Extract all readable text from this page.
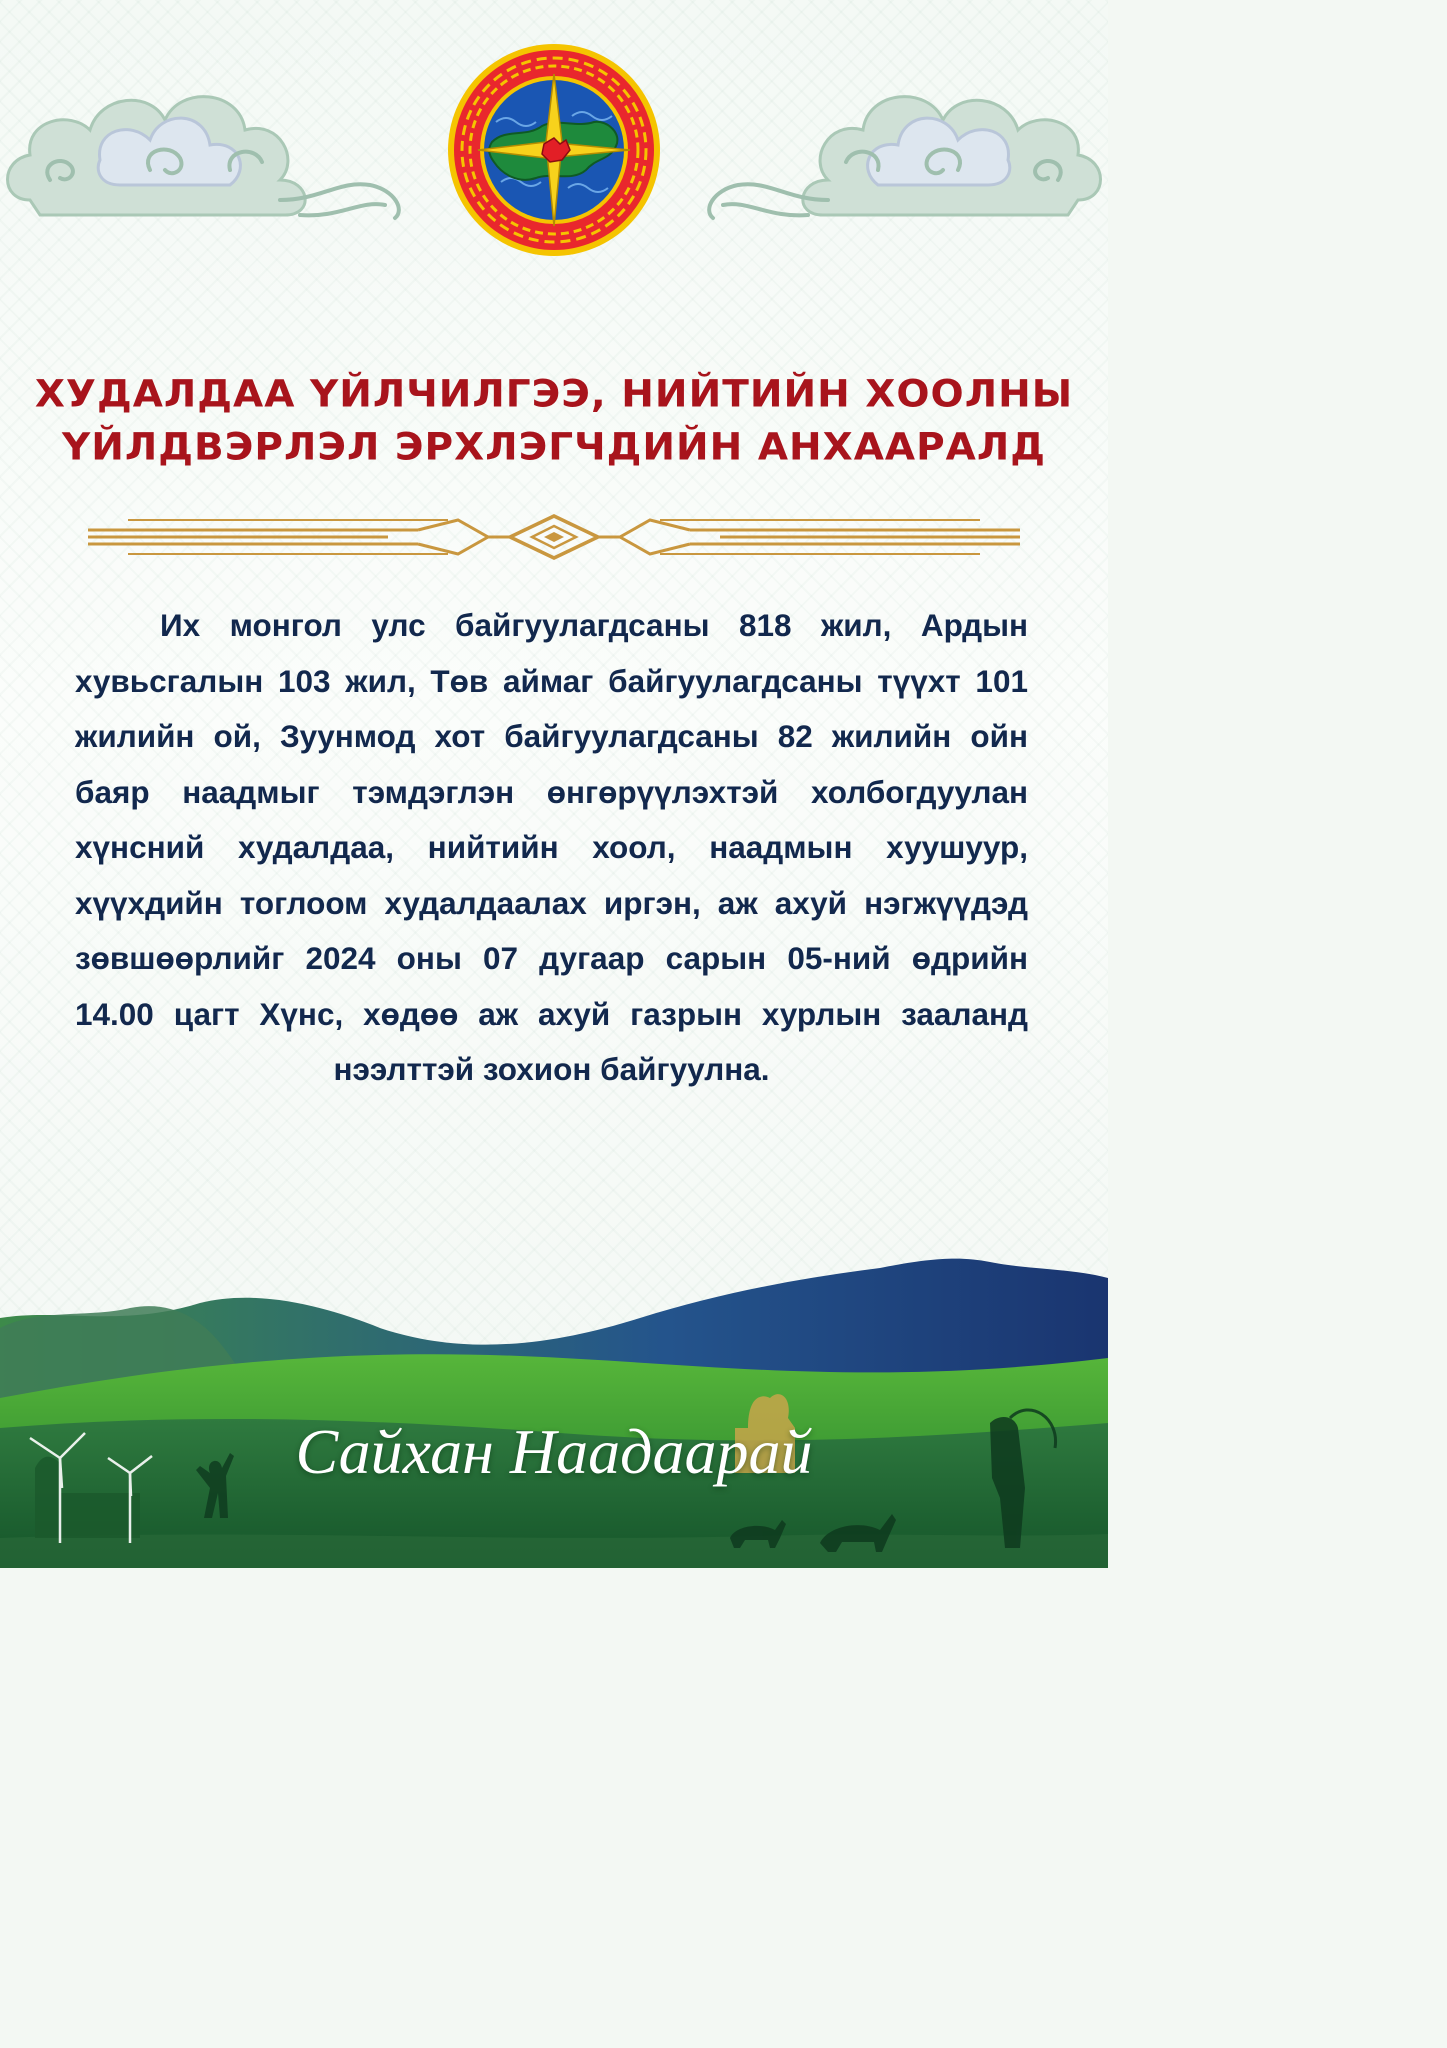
ХУДАЛДАА ҮЙЛЧИЛГЭЭ, НИЙТИЙН ХООЛНЫ
ҮЙЛДВЭРЛЭЛ ЭРХЛЭГЧДИЙН АНХААРАЛД

Их монгол улс байгуулагдсаны 818 жил, Ардын хувьсгалын 103 жил, Төв аймаг байгуулагдсаны түүхт 101 жилийн ой, Зуунмод хот байгуулагдсаны 82 жилийн ойн баяр наадмыг тэмдэглэн өнгөрүүлэхтэй холбогдуулан хүнсний худалдаа, нийтийн хоол, наадмын хуушуур, хүүхдийн тоглоом худалдаалах иргэн, аж ахуй нэгжүүдэд зөвшөөрлийг 2024 оны 07 дугаар сарын 05-ний өдрийн 14.00 цагт Хүнс, хөдөө аж ахуй газрын хурлын зааланд нээлттэй зохион байгуулна.

Сайхан Наадаарай
